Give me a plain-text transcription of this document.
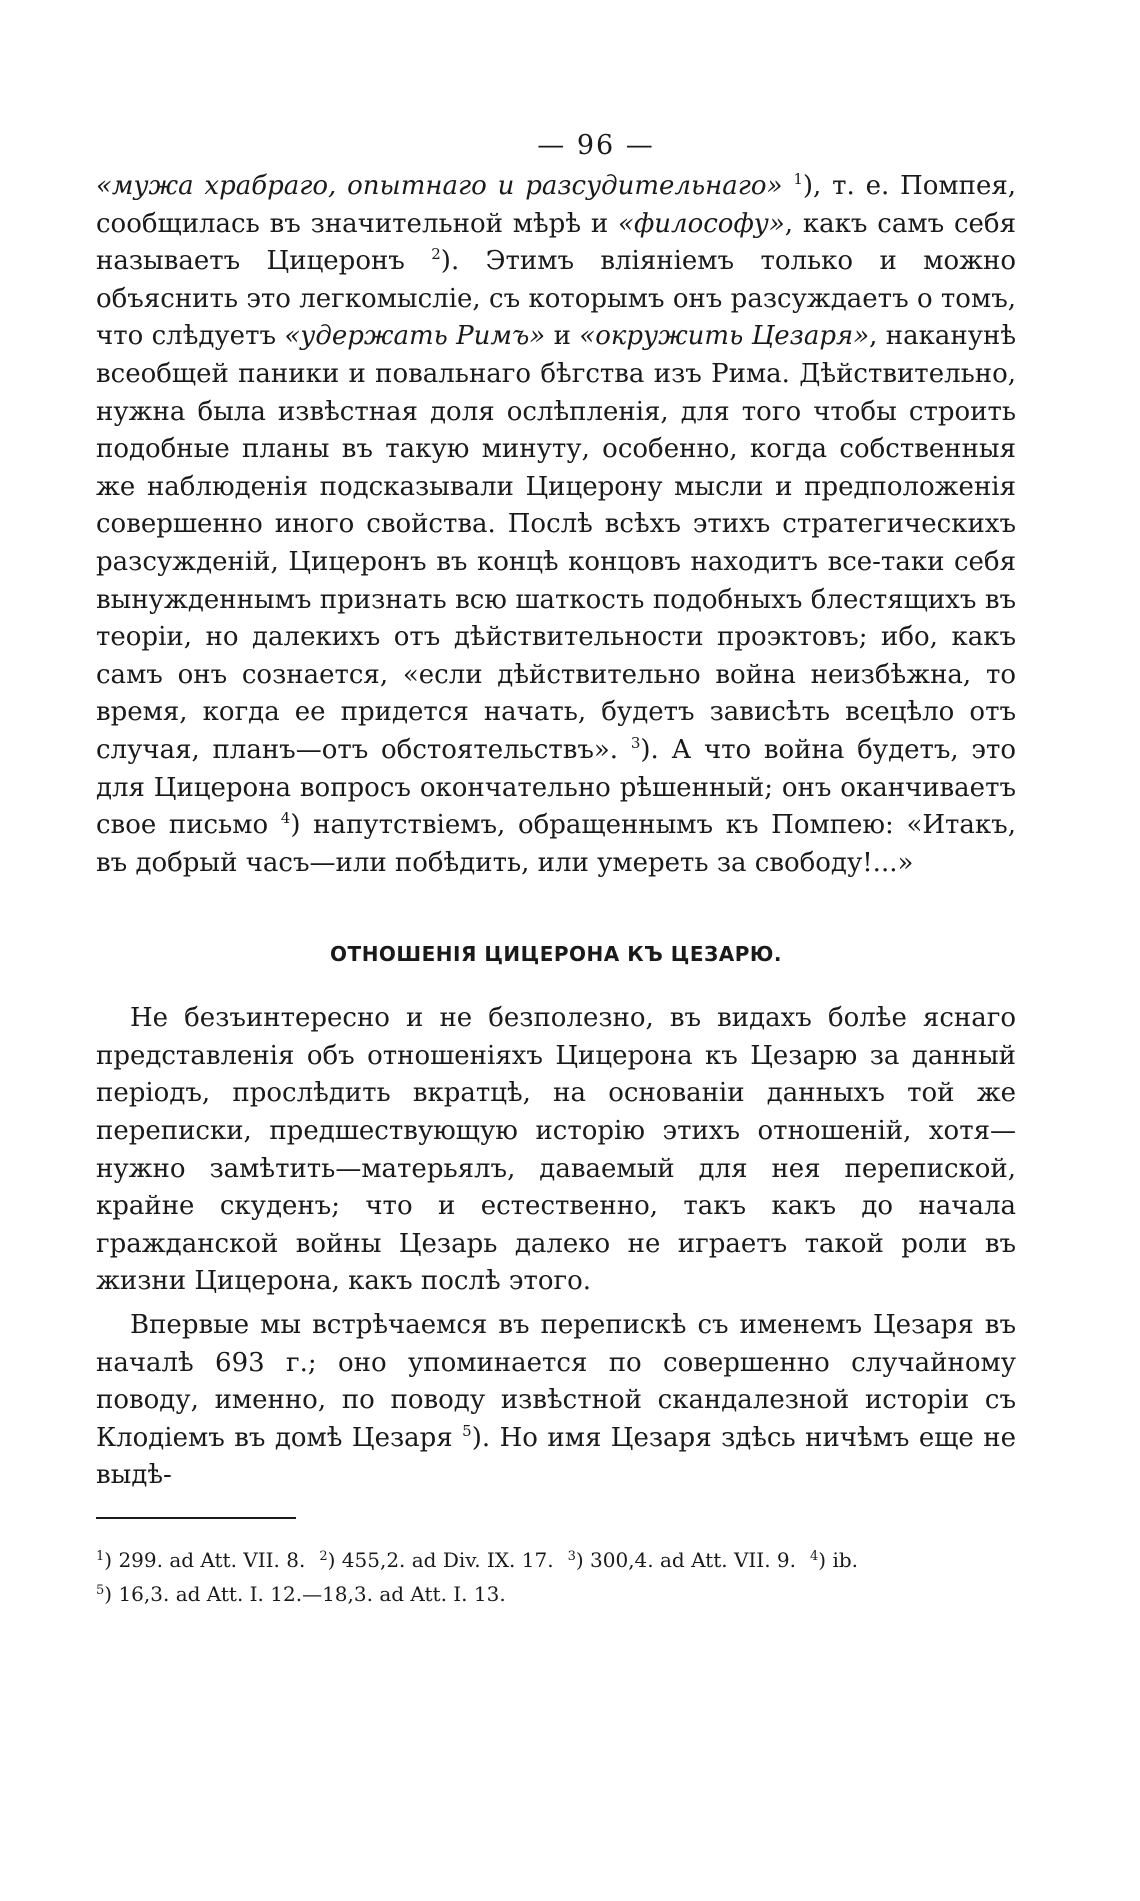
— 96 —

«мужа храбраго, опытнаго и разсудительнаго» $^1$), т. е. Помпея, сообщилась въ значительной мѣрѣ и «философу», какъ самъ себя называетъ Цицеронъ $^2$). Этимъ вліяніемъ только и можно объяснить это легкомысліе, съ которымъ онъ разсуждаетъ о томъ, что слѣдуетъ «удержать Римъ» и «окружить Цезаря», наканунѣ всеобщей паники и повальнаго бѣгства изъ Рима. Дѣйствительно, нужна была извѣстная доля ослѣпленія, для того чтобы строить подобные планы въ такую минуту, особенно, когда собственныя же наблюденія подсказывали Цицерону мысли и предположенія совершенно иного свойства. Послѣ всѣхъ этихъ стратегическихъ разсужденій, Цицеронъ въ концѣ концовъ находитъ все-таки себя вынужденнымъ признать всю шаткость подобныхъ блестящихъ въ теоріи, но далекихъ отъ дѣйствительности проэктовъ; ибо, какъ самъ онъ сознается, «если дѣйствительно война неизбѣжна, то время, когда ее придется начать, будетъ зависѣть всецѣло отъ случая, планъ—отъ обстоятельствъ». $^3$). А что война будетъ, это для Цицерона вопросъ окончательно рѣшенный; онъ оканчиваетъ свое письмо $^4$) напутствіемъ, обращеннымъ къ Помпею: «Итакъ, въ добрый часъ—или побѣдить, или умереть за свободу!...»

ОТНОШЕНІЯ ЦИЦЕРОНА КЪ ЦЕЗАРЮ.

Не безъинтересно и не безполезно, въ видахъ болѣе яснаго представленія объ отношеніяхъ Цицерона къ Цезарю за данный періодъ, прослѣдить вкратцѣ, на основаніи данныхъ той же переписки, предшествующую исторію этихъ отношеній, хотя—нужно замѣтить—матерьялъ, даваемый для нея перепиской, крайне скуденъ; что и естественно, такъ какъ до начала гражданской войны Цезарь далеко не играетъ такой роли въ жизни Цицерона, какъ послѣ этого.

Впервые мы встрѣчаемся въ перепискѣ съ именемъ Цезаря въ началѣ 693 г.; оно упоминается по совершенно случайному поводу, именно, по поводу извѣстной скандалезной исторіи съ Клодіемъ въ домѣ Цезаря $^5$). Но имя Цезаря здѣсь ничѣмъ еще не выдѣ-

$^1$) 299. ad Att. VII. 8. $^2$) 455,2. ad Div. IX. 17. $^3$) 300,4. ad Att. VII. 9. $^4$) ib.
$^5$) 16,3. ad Att. I. 12.—18,3. ad Att. I. 13.
